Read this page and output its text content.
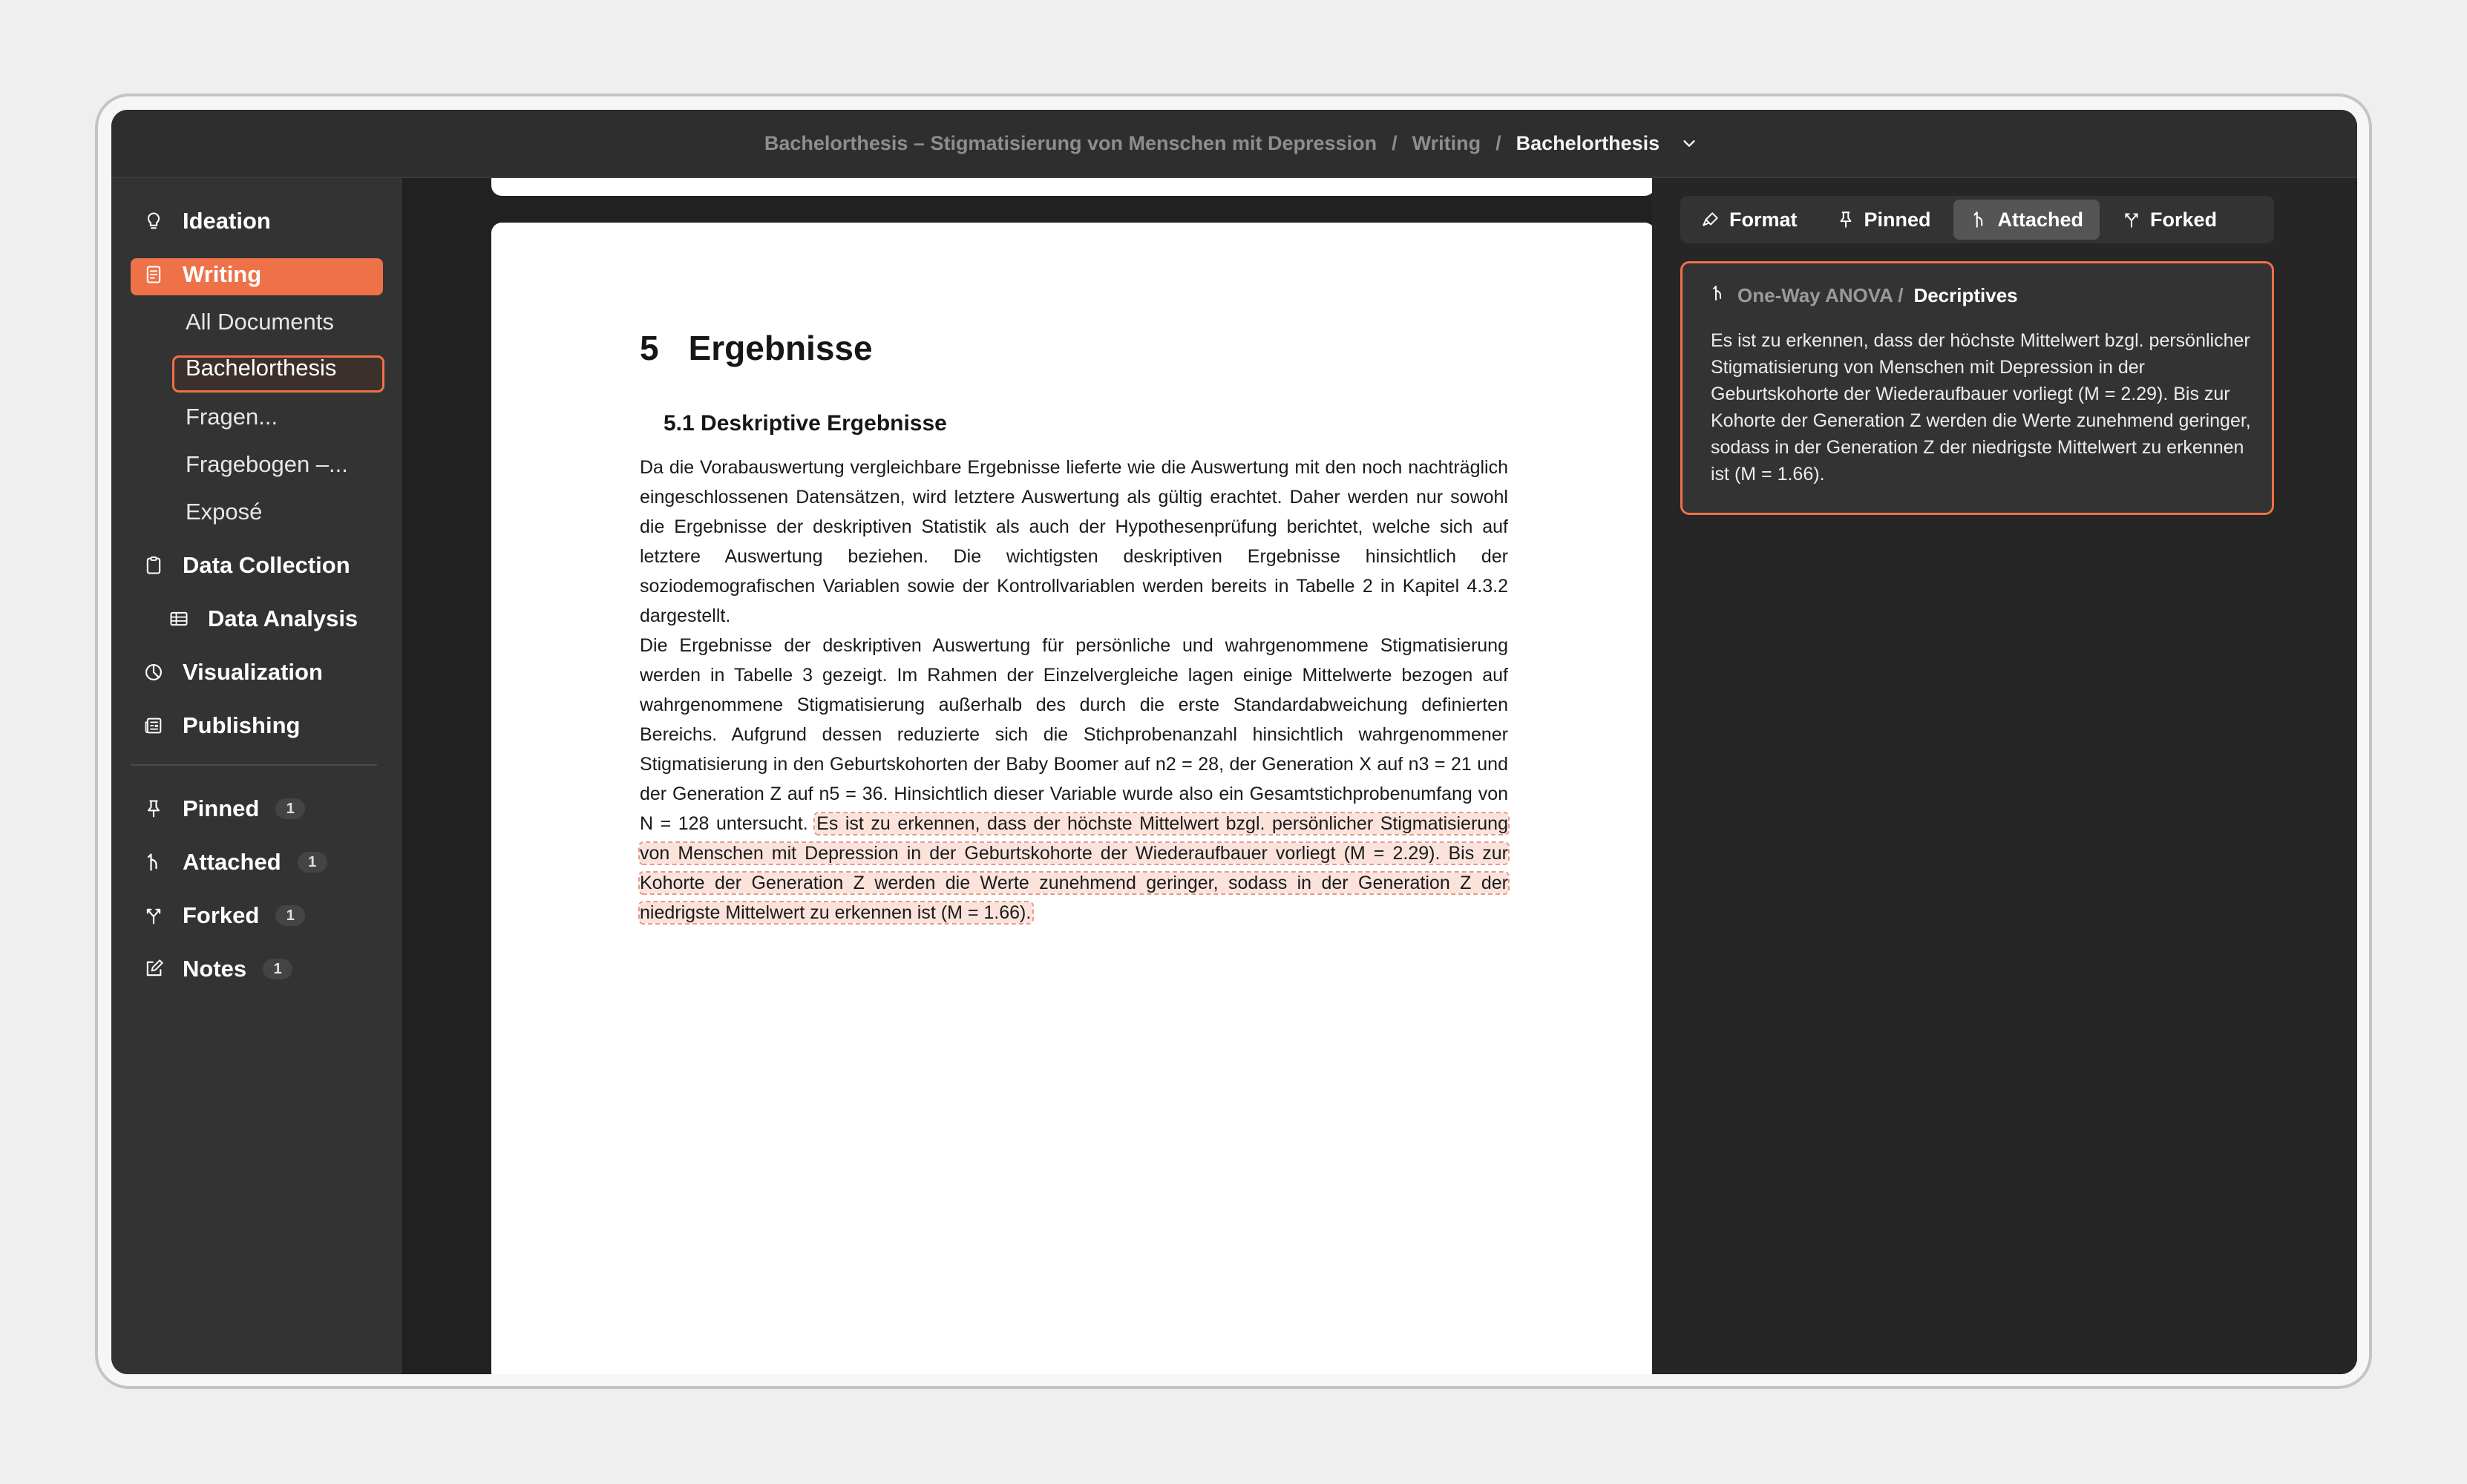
Bachelorthesis – Stigmatisierung von Menschen mit Depression / Writing / Bachelorthesis
Ideation
Writing
All Documents
Bachelorthesis
Fragen...
Fragebogen –...
Exposé
Data Collection
Data Analysis
Visualization
Publishing
Pinned	1
Attached	1
Forked	1
Notes	1
5 Ergebnisse
5.1 Deskriptive Ergebnisse

Da die Vorabauswertung vergleichbare Ergebnisse lieferte wie die Auswertung mit den noch nachträglich eingeschlossenen Datensätzen, wird letztere Auswertung als gültig erachtet. Daher werden nur sowohl die Ergebnisse der deskriptiven Statistik als auch der Hypothesenprüfung berichtet, welche sich auf letztere Auswertung beziehen. Die wichtigsten deskriptiven Ergebnisse hinsichtlich der soziodemografischen Variablen sowie der Kontrollvariablen werden bereits in Tabelle 2 in Kapitel 4.3.2 dargestellt.

Die Ergebnisse der deskriptiven Auswertung für persönliche und wahrgenommene Stigmatisierung werden in Tabelle 3 gezeigt. Im Rahmen der Einzelvergleiche lagen einige Mittelwerte bezogen auf wahrgenommene Stigmatisierung außerhalb des durch die erste Standardabweichung definierten Bereichs. Aufgrund dessen reduzierte sich die Stichprobenanzahl hinsichtlich wahrgenommener Stigmatisierung in den Geburtskohorten der Baby Boomer auf n2 = 28, der Generation X auf n3 = 21 und der Generation Z auf n5 = 36. Hinsichtlich dieser Variable wurde also ein Gesamtstichprobenumfang von N = 128 untersucht. Es ist zu erkennen, dass der höchste Mittelwert bzgl. persönlicher Stigmatisierung von Menschen mit Depression in der Geburtskohorte der Wiederaufbauer vorliegt (M = 2.29). Bis zur Kohorte der Generation Z werden die Werte zunehmend geringer, sodass in der Generation Z der niedrigste Mittelwert zu erkennen ist (M = 1.66).

Format	Pinned	Attached	Forked
One-Way ANOVA / Decriptives

Es ist zu erkennen, dass der höchste Mittelwert bzgl. persönlicher Stigmatisierung von Menschen mit Depression in der Geburtskohorte der Wiederaufbauer vorliegt (M = 2.29). Bis zur Kohorte der Generation Z werden die Werte zunehmend geringer, sodass in der Generation Z der niedrigste Mittelwert zu erkennen ist (M = 1.66).
